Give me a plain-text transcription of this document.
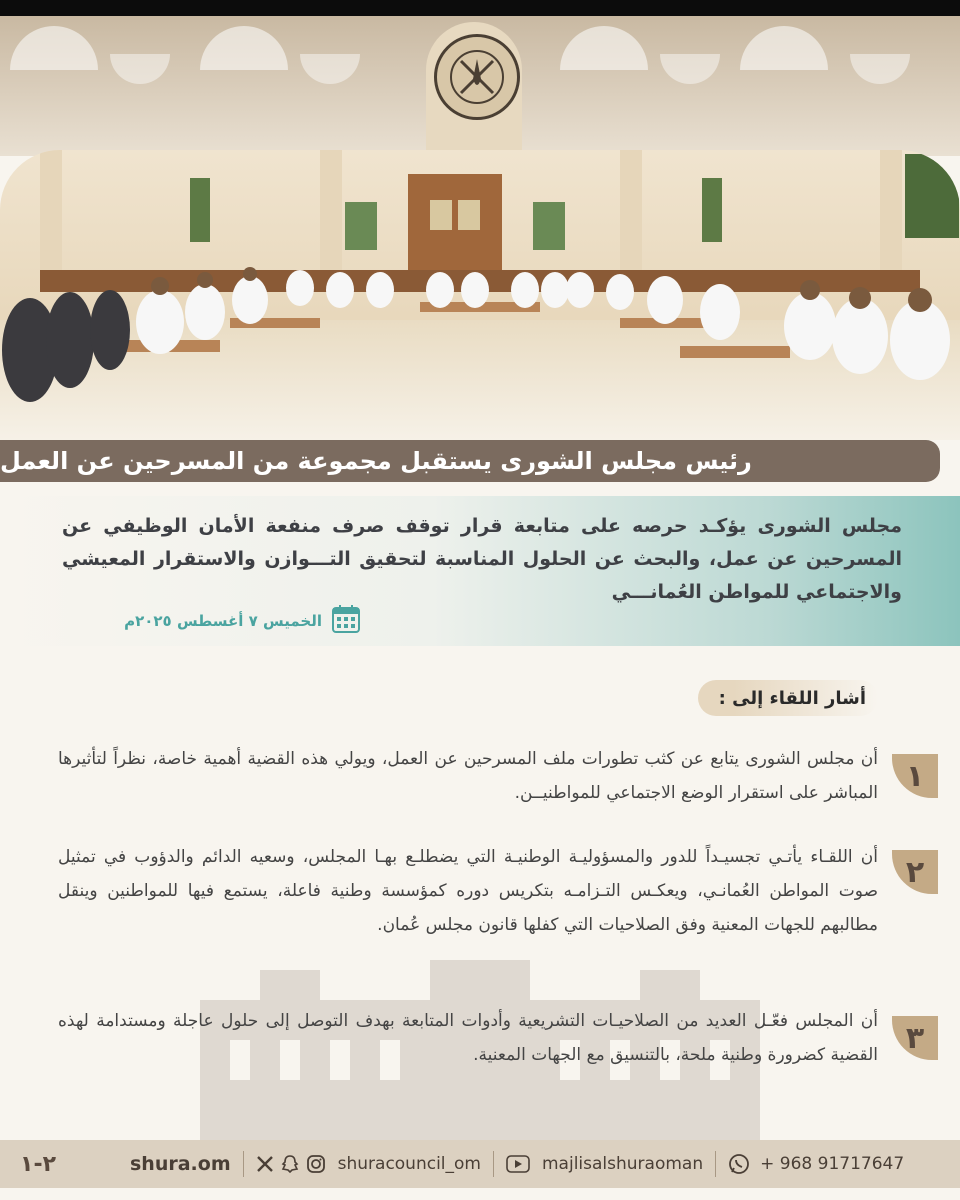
رئيس مجلس الشورى يستقبل مجموعة من المسرحين عن العمل
مجلس الشورى يؤكـد حرصه على متابعة قرار توقف صرف منفعة الأمان الوظيفي عن المسرحين عن عمل، والبحث عن الحلول المناسبة لتحقيق التـــوازن والاستقرار المعيشي والاجتماعي للمواطن العُمانـــي
الخميس ٧ أغسطس ٢٠٢٥م
أشار اللقاء إلى :
١
أن مجلس الشورى يتابع عن كثب تطورات ملف المسرحين عن العمل، ويولي هذه القضية أهمية خاصة، نظراً لتأثيرها المباشر على استقرار الوضع الاجتماعي للمواطنيــن.
٢
أن اللقـاء يأتـي تجسيـداً للدور والمسؤوليـة الوطنيـة التي يضطلـع بهـا المجلس، وسعيه الدائم والدؤوب في تمثيل صوت المواطن العُمانـي، ويعكـس التـزامـه بتكريس دوره كمؤسسة وطنية فاعلة، يستمع فيها للمواطنين وينقل مطالبهم للجهات المعنية وفق الصلاحيات التي كفلها قانون مجلس عُمان.
٣
أن المجلس فعّـل العديد من الصلاحيـات التشريعية وأدوات المتابعة بهدف التوصل إلى حلول عاجلة ومستدامة لهذه القضية كضرورة وطنية ملحة، بالتنسيق مع الجهات المعنية.
٢-١	shura.om	shuracouncil_om	majlisalshuraoman	+ 968 91717647
